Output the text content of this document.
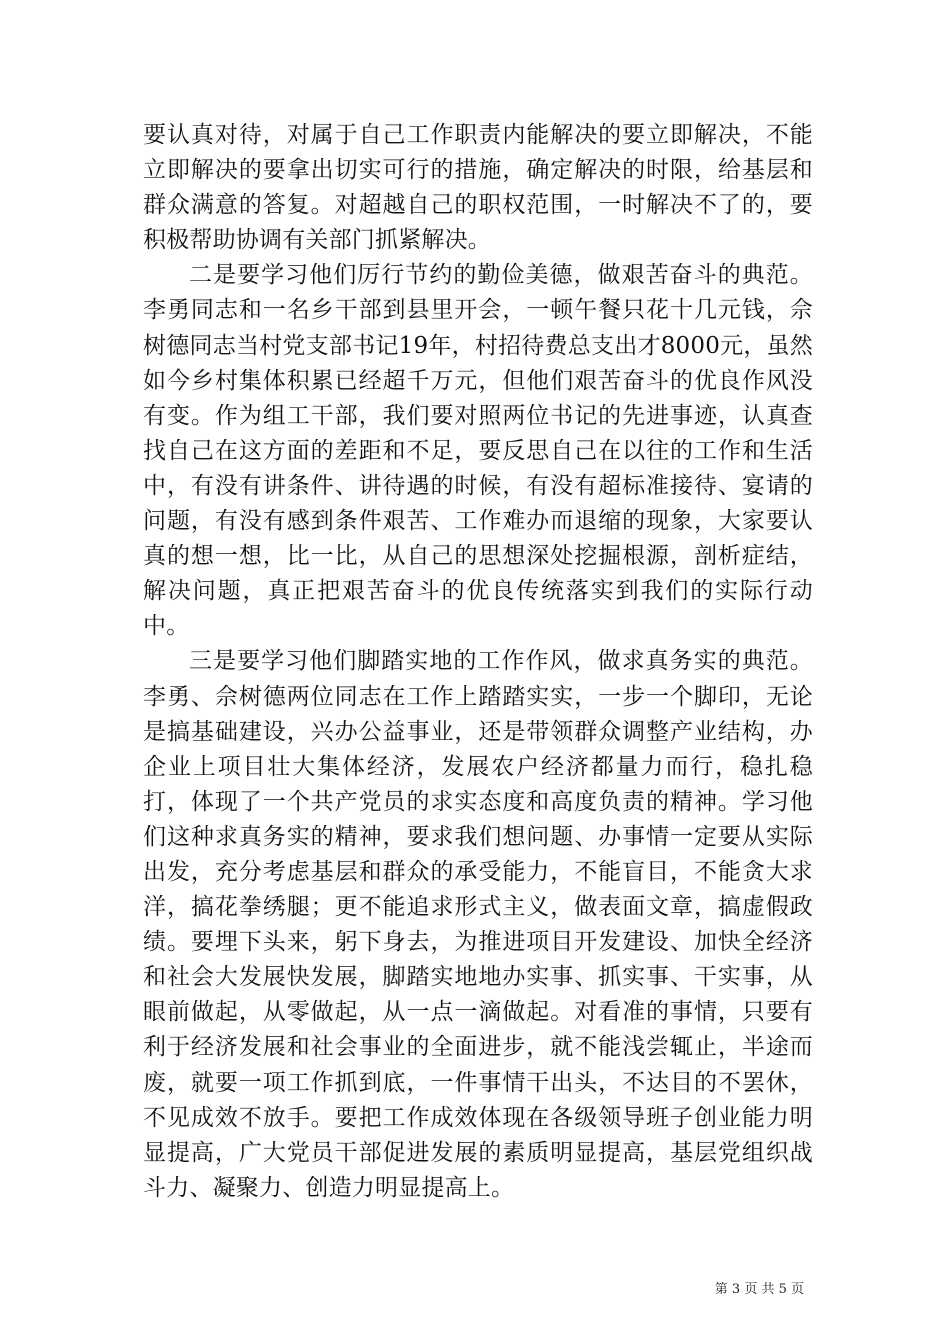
要认真对待，对属于自己工作职责内能解决的要立即解决，不能立即解决的要拿出切实可行的措施，确定解决的时限，给基层和群众满意的答复。对超越自己的职权范围，一时解决不了的，要积极帮助协调有关部门抓紧解决。

二是要学习他们厉行节约的勤俭美德，做艰苦奋斗的典范。李勇同志和一名乡干部到县里开会，一顿午餐只花十几元钱，佘树德同志当村党支部书记19年，村招待费总支出才8000元，虽然如今乡村集体积累已经超千万元，但他们艰苦奋斗的优良作风没有变。作为组工干部，我们要对照两位书记的先进事迹，认真查找自己在这方面的差距和不足，要反思自己在以往的工作和生活中，有没有讲条件、讲待遇的时候，有没有超标准接待、宴请的问题，有没有感到条件艰苦、工作难办而退缩的现象，大家要认真的想一想，比一比，从自己的思想深处挖掘根源，剖析症结，解决问题，真正把艰苦奋斗的优良传统落实到我们的实际行动中。

三是要学习他们脚踏实地的工作作风，做求真务实的典范。李勇、佘树德两位同志在工作上踏踏实实，一步一个脚印，无论是搞基础建设，兴办公益事业，还是带领群众调整产业结构，办企业上项目壮大集体经济，发展农户经济都量力而行，稳扎稳打，体现了一个共产党员的求实态度和高度负责的精神。学习他们这种求真务实的精神，要求我们想问题、办事情一定要从实际出发，充分考虑基层和群众的承受能力，不能盲目，不能贪大求洋，搞花拳绣腿；更不能追求形式主义，做表面文章，搞虚假政绩。要埋下头来，躬下身去，为推进项目开发建设、加快全经济和社会大发展快发展，脚踏实地地办实事、抓实事、干实事，从眼前做起，从零做起，从一点一滴做起。对看准的事情，只要有利于经济发展和社会事业的全面进步，就不能浅尝辄止，半途而废，就要一项工作抓到底，一件事情干出头，不达目的不罢休，不见成效不放手。要把工作成效体现在各级领导班子创业能力明显提高，广大党员干部促进发展的素质明显提高，基层党组织战斗力、凝聚力、创造力明显提高上。

第 3 页 共 5 页
